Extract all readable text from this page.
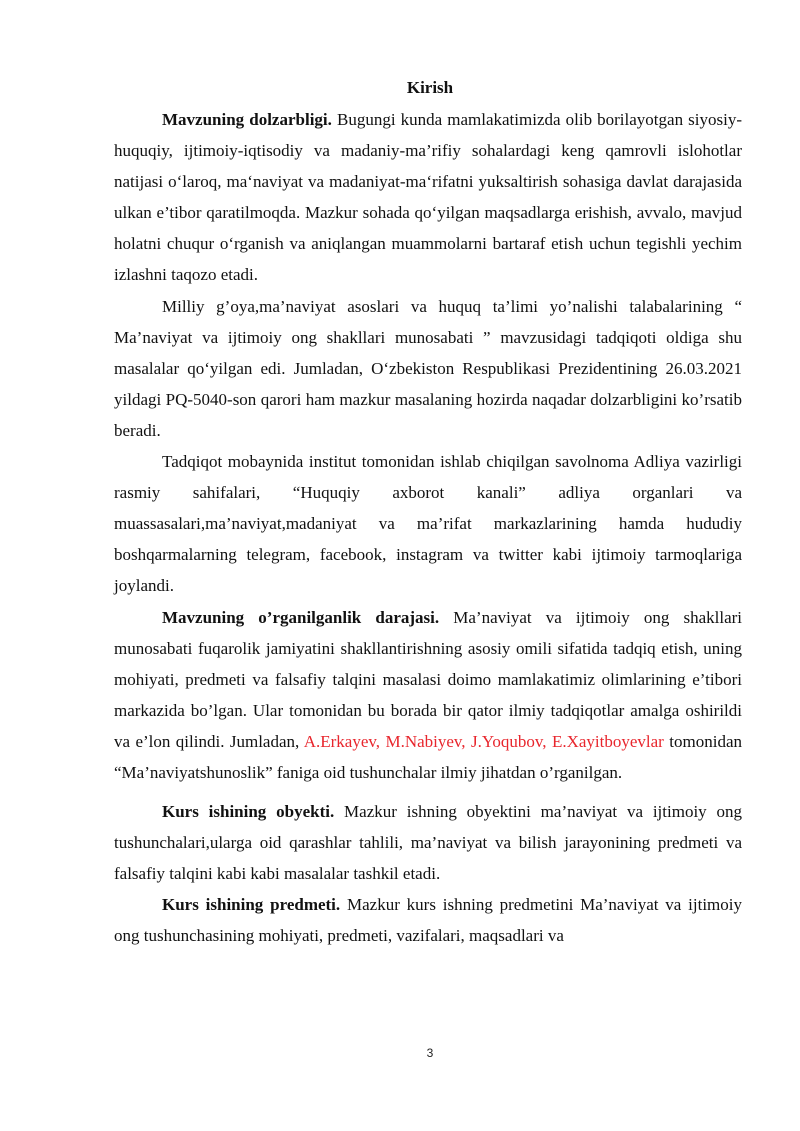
Kirish

Mavzuning dolzarbligi. Bugungi kunda mamlakatimizda olib borilayotgan siyosiy-huquqiy, ijtimoiy-iqtisodiy va madaniy-ma’rifiy sohalardagi keng qamrovli islohotlar natijasi oʻlaroq, maʻnaviyat va madaniyat-maʻrifatni yuksaltirish sohasiga davlat darajasida ulkan e’tibor qaratilmoqda. Mazkur sohada qoʻyilgan maqsadlarga erishish, avvalo, mavjud holatni chuqur oʻrganish va aniqlangan muammolarni bartaraf etish uchun tegishli yechim izlashni taqozo etadi.

Milliy g’oya,ma’naviyat asoslari va huquq ta’limi yo’nalishi talabalarining “ Ma’naviyat va ijtimoiy ong shakllari munosabati ” mavzusidagi tadqiqoti oldiga shu masalalar qoʻyilgan edi. Jumladan, Oʻzbekiston Respublikasi Prezidentining 26.03.2021 yildagi PQ-5040-son qarori ham mazkur masalaning hozirda naqadar dolzarbligini ko’rsatib beradi.

Tadqiqot mobaynida institut tomonidan ishlab chiqilgan savolnoma Adliya vazirligi rasmiy sahifalari, “Huquqiy axborot kanali” adliya organlari va muassasalari,ma’naviyat,madaniyat va ma’rifat markazlarining hamda hududiy boshqarmalarning telegram, facebook, instagram va twitter kabi ijtimoiy tarmoqlariga joylandi.

Mavzuning o’rganilganlik darajasi. Ma’naviyat va ijtimoiy ong shakllari munosabati fuqarolik jamiyatini shakllantirishning asosiy omili sifatida tadqiq etish, uning mohiyati, predmeti va falsafiy talqini masalasi doimo mamlakatimiz olimlarining e’tibori markazida bo’lgan. Ular tomonidan bu borada bir qator ilmiy tadqiqotlar amalga oshirildi va e’lon qilindi. Jumladan, A.Erkayev, M.Nabiyev, J.Yoqubov, E.Xayitboyevlar tomonidan “Ma’naviyatshunoslik” faniga oid tushunchalar ilmiy jihatdan o’rganilgan.

Kurs ishining obyekti. Mazkur ishning obyektini ma’naviyat va ijtimoiy ong tushunchalari,ularga oid qarashlar tahlili, ma’naviyat va bilish jarayonining predmeti va falsafiy talqini kabi kabi masalalar tashkil etadi.

Kurs ishining predmeti. Mazkur kurs ishning predmetini Ma’naviyat va ijtimoiy ong tushunchasining mohiyati, predmeti, vazifalari, maqsadlari va

3
